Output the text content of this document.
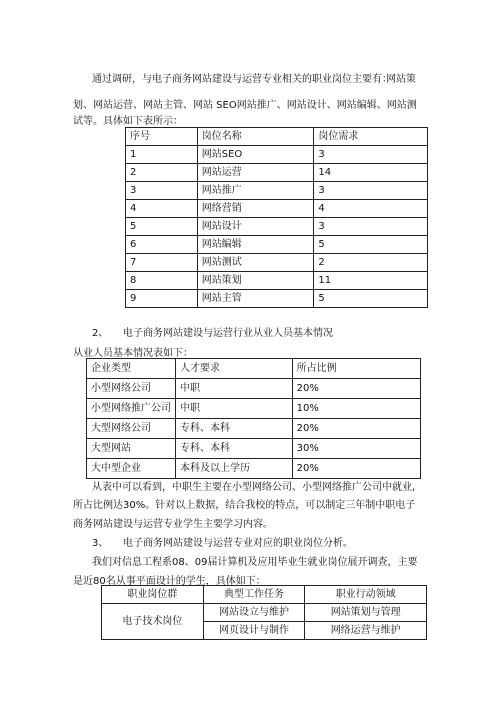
通过调研，与电子商务网站建设与运营专业相关的职业岗位主要有：
网站策
划、网站运营、网站主管、网站 SEO网站推广、网站设计、网站编辑、网站测
试等。具体如下表所示：
序号	岗位名称	岗位需求
1	网站SEO	3
2	网站运营	14
3	网站推广	3
4	网络营销	4
5	网站设计	3
6	网站编辑	5
7	网站测试	2
8	网站策划	11
9	网站主管	5
2、 电子商务网站建设与运营行业从业人员基本情况
从业人员基本情况表如下：
企业类型	人才要求	所占比例
小型网络公司	中职	20%
小型网络推广公司	中职	10%
大型网络公司	专科、本科	20%
大型网站	专科、本科	30%
大中型企业	本科及以上学历	20%
从表中可以看到，中职生主要在小型网络公司、小型网络推广公司中就业,
所占比例达30%。针对以上数据，结合我校的特点，可以制定三年制中职电子
商务网站建设与运营专业学生主要学习内容。
3、 电子商务网站建设与运营专业对应的职业岗位分析。
我们对信息工程系08、09届计算机及应用毕业生就业岗位展开调查，主要
是近80名从事平面设计的学生，具体如下：
职业岗位群	典型工作任务	职业行动领域
电子技术岗位	网站设立与维护	网站策划与管理
	网页设计与制作	网络运营与维护
